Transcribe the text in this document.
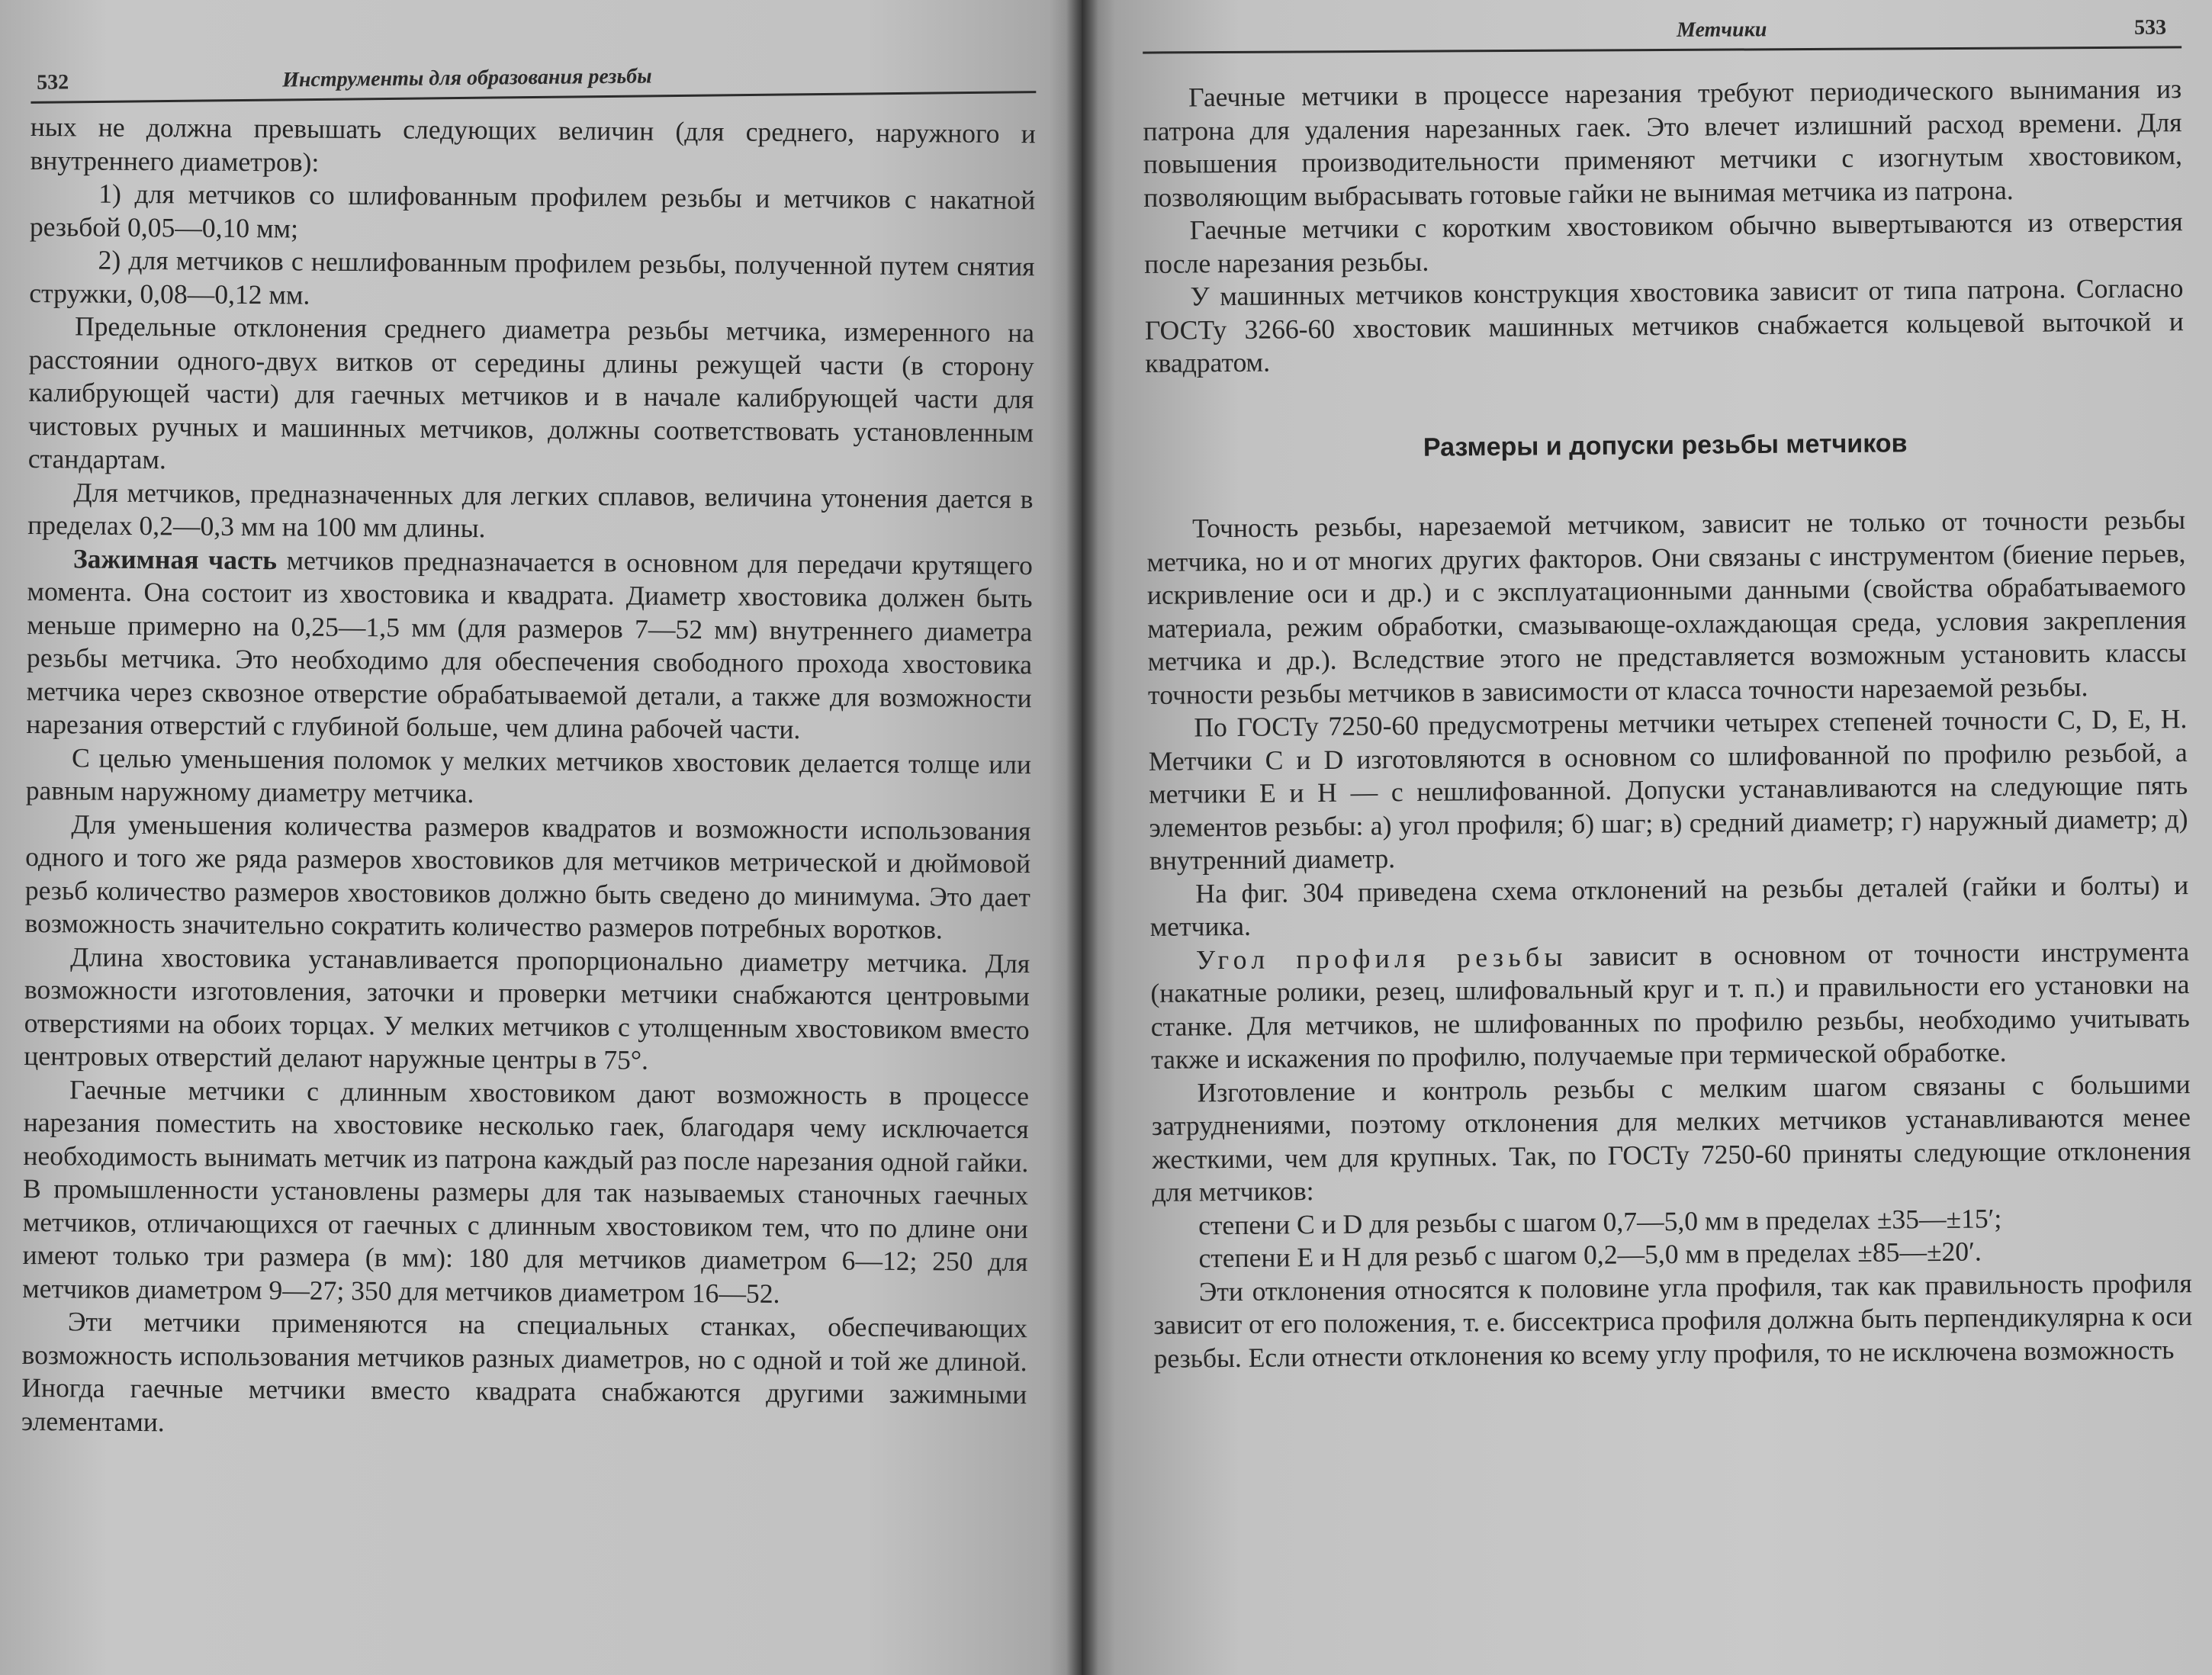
532	Инструменты для образования резьбы

ных не должна превышать следующих величин (для среднего, наружного и внутреннего диаметров):

1) для метчиков со шлифованным профилем резьбы и метчиков с накатной резьбой 0,05—0,10 мм;

2) для метчиков с нешлифованным профилем резьбы, полученной путем снятия стружки, 0,08—0,12 мм.

Предельные отклонения среднего диаметра резьбы метчика, измеренного на расстоянии одного-двух витков от середины длины режущей части (в сторону калибрующей части) для гаечных метчиков и в начале калибрующей части для чистовых ручных и машинных метчиков, должны соответствовать установленным стандартам.

Для метчиков, предназначенных для легких сплавов, величина утонения дается в пределах 0,2—0,3 мм на 100 мм длины.

Зажимная часть метчиков предназначается в основном для передачи крутящего момента. Она состоит из хвостовика и квадрата. Диаметр хвостовика должен быть меньше примерно на 0,25—1,5 мм (для размеров 7—52 мм) внутреннего диаметра резьбы метчика. Это необходимо для обеспечения свободного прохода хвостовика метчика через сквозное отверстие обрабатываемой детали, а также для возможности нарезания отверстий с глубиной больше, чем длина рабочей части.

С целью уменьшения поломок у мелких метчиков хвостовик делается толще или равным наружному диаметру метчика.

Для уменьшения количества размеров квадратов и возможности использования одного и того же ряда размеров хвостовиков для метчиков метрической и дюймовой резьб количество размеров хвостовиков должно быть сведено до минимума. Это дает возможность значительно сократить количество размеров потребных воротков.

Длина хвостовика устанавливается пропорционально диаметру метчика. Для возможности изготовления, заточки и проверки метчики снабжаются центровыми отверстиями на обоих торцах. У мелких метчиков с утолщенным хвостовиком вместо центровых отверстий делают наружные центры в 75°.

Гаечные метчики с длинным хвостовиком дают возможность в процессе нарезания поместить на хвостовике несколько гаек, благодаря чему исключается необходимость вынимать метчик из патрона каждый раз после нарезания одной гайки. В промышленности установлены размеры для так называемых станочных гаечных метчиков, отличающихся от гаечных с длинным хвостовиком тем, что по длине они имеют только три размера (в мм): 180 для метчиков диаметром 6—12; 250 для метчиков диаметром 9—27; 350 для метчиков диаметром 16—52.

Эти метчики применяются на специальных станках, обеспечивающих возможность использования метчиков разных диаметров, но с одной и той же длиной. Иногда гаечные метчики вместо квадрата снабжаются другими зажимными элементами.

Метчики	533

Гаечные метчики в процессе нарезания требуют периодического вынимания из патрона для удаления нарезанных гаек. Это влечет излишний расход времени. Для повышения производительности применяют метчики с изогнутым хвостовиком, позволяющим выбрасывать готовые гайки не вынимая метчика из патрона.

Гаечные метчики с коротким хвостовиком обычно вывертываются из отверстия после нарезания резьбы.

У машинных метчиков конструкция хвостовика зависит от типа патрона. Согласно ГОСТу 3266-60 хвостовик машинных метчиков снабжается кольцевой выточкой и квадратом.

Размеры и допуски резьбы метчиков

Точность резьбы, нарезаемой метчиком, зависит не только от точности резьбы метчика, но и от многих других факторов. Они связаны с инструментом (биение перьев, искривление оси и др.) и с эксплуатационными данными (свойства обрабатываемого материала, режим обработки, смазывающе-охлаждающая среда, условия закрепления метчика и др.). Вследствие этого не представляется возможным установить классы точности резьбы метчиков в зависимости от класса точности нарезаемой резьбы.

По ГОСТу 7250-60 предусмотрены метчики четырех степеней точности C, D, E, H. Метчики C и D изготовляются в основном со шлифованной по профилю резьбой, а метчики E и H — с нешлифованной. Допуски устанавливаются на следующие пять элементов резьбы: а) угол профиля; б) шаг; в) средний диаметр; г) наружный диаметр; д) внутренний диаметр.

На фиг. 304 приведена схема отклонений на резьбы деталей (гайки и болты) и метчика.

Угол профиля резьбы зависит в основном от точности инструмента (накатные ролики, резец, шлифовальный круг и т. п.) и правильности его установки на станке. Для метчиков, не шлифованных по профилю резьбы, необходимо учитывать также и искажения по профилю, получаемые при термической обработке.

Изготовление и контроль резьбы с мелким шагом связаны с большими затруднениями, поэтому отклонения для мелких метчиков устанавливаются менее жесткими, чем для крупных. Так, по ГОСТу 7250-60 приняты следующие отклонения для метчиков:

степени C и D для резьбы с шагом 0,7—5,0 мм в пределах ±35—±15′;

степени E и H для резьб с шагом 0,2—5,0 мм в пределах ±85—±20′.

Эти отклонения относятся к половине угла профиля, так как правильность профиля зависит от его положения, т. е. биссектриса профиля должна быть перпендикулярна к оси резьбы. Если отнести отклонения ко всему углу профиля, то не исключена возможность
